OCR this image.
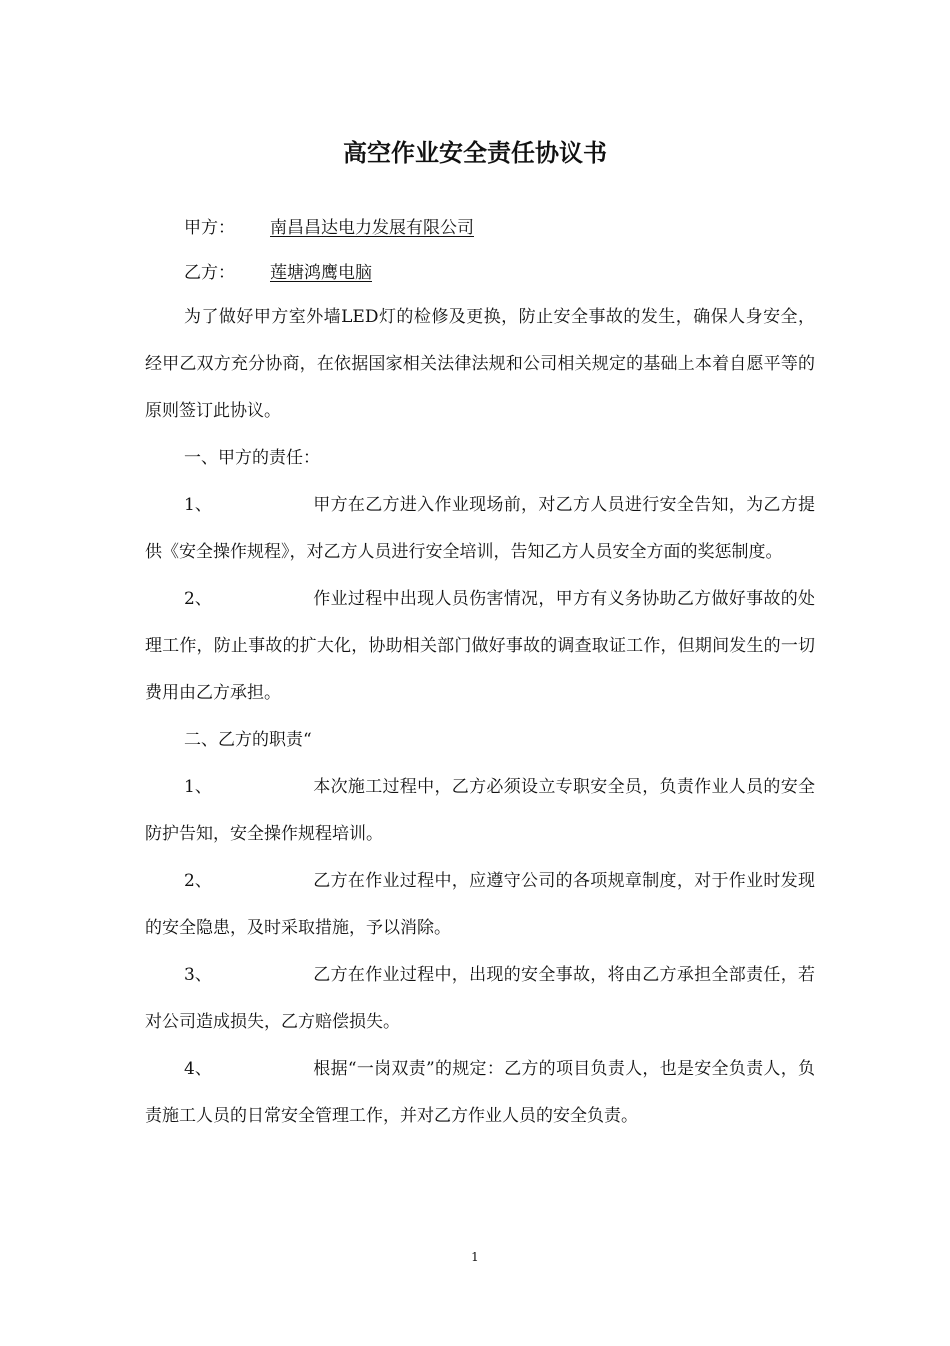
高空作业安全责任协议书
甲方： 南昌昌达电力发展有限公司
乙方： 莲塘鸿鹰电脑

为了做好甲方室外墙LED灯的检修及更换，防止安全事故的发生，确保人身安全，经甲乙双方充分协商，在依据国家相关法律法规和公司相关规定的基础上本着自愿平等的原则签订此协议。

一、甲方的责任：

1、	甲方在乙方进入作业现场前，对乙方人员进行安全告知，为乙方提供《安全操作规程》，对乙方人员进行安全培训，告知乙方人员安全方面的奖惩制度。

2、	作业过程中出现人员伤害情况，甲方有义务协助乙方做好事故的处理工作，防止事故的扩大化，协助相关部门做好事故的调查取证工作，但期间发生的一切费用由乙方承担。

二、乙方的职责“

1、	本次施工过程中，乙方必须设立专职安全员，负责作业人员的安全防护告知，安全操作规程培训。

2、	乙方在作业过程中，应遵守公司的各项规章制度，对于作业时发现的安全隐患，及时采取措施，予以消除。

3、	乙方在作业过程中，出现的安全事故，将由乙方承担全部责任，若对公司造成损失，乙方赔偿损失。

4、	根据“一岗双责”的规定：乙方的项目负责人，也是安全负责人，负责施工人员的日常安全管理工作，并对乙方作业人员的安全负责。

1
